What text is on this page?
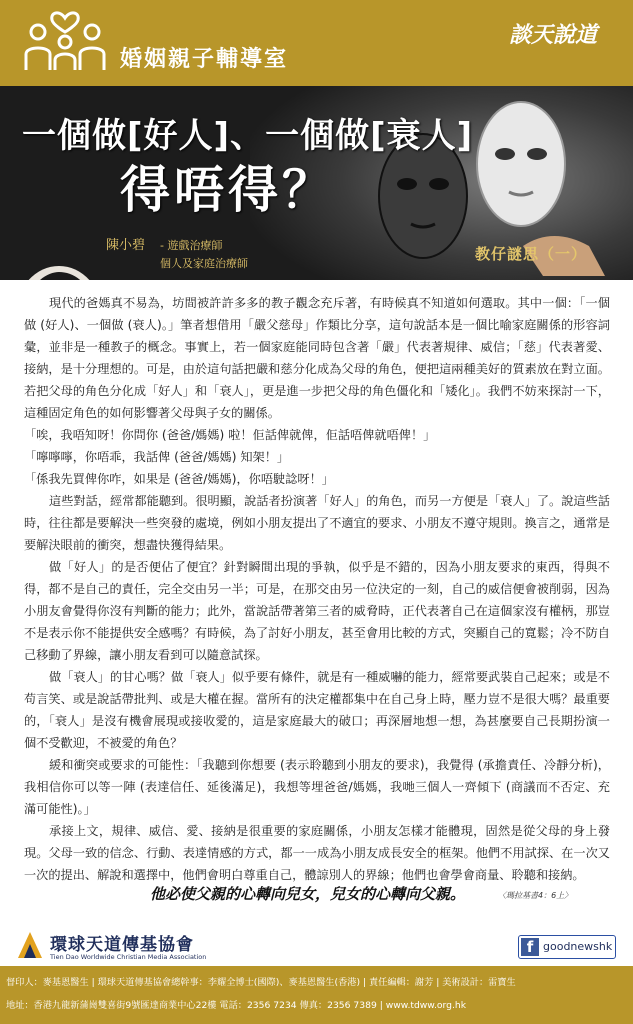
婚姻親子輔導室
談天說道
一個做[好人]、一個做[衰人]
得唔得？
陳小碧 - 遊戲治療師
個人及家庭治療師
教仔謎思（一）

現代的爸媽真不易為，坊間被許許多多的教子觀念充斥著，有時候真不知道如何選取。其中一個：「一個做 (好人)、一個做 (衰人)。」筆者想借用「嚴父慈母」作類比分享，這句說話本是一個比喻家庭關係的形容詞彙，並非是一種教子的概念。事實上，若一個家庭能同時包含著「嚴」代表著規律、威信；「慈」代表著愛、接納，是十分理想的。可是，由於這句話把嚴和慈分化成為父母的角色，便把這兩種美好的質素放在對立面。若把父母的角色分化成「好人」和「衰人」，更是進一步把父母的角色僵化和「矮化」。我們不妨來探討一下，這種固定角色的如何影響著父母與子女的關係。

「唉，我唔知呀！你問你 (爸爸/媽媽) 啦！佢話俾就俾，佢話唔俾就唔俾！」

「嚀嚀嚀，你唔乖，我話俾 (爸爸/媽媽) 知架！」

「係我先買俾你咋，如果是 (爸爸/媽媽)，你唔駛諗呀！」

這些對話，經常都能聽到。很明顯，說話者扮演著「好人」的角色，而另一方便是「衰人」了。說這些話時，往往都是要解決一些突發的處境，例如小朋友提出了不適宜的要求、小朋友不遵守規則。換言之，通常是要解決眼前的衝突，想盡快獲得結果。

做「好人」的是否便佔了便宜？針對瞬間出現的爭執，似乎是不錯的，因為小朋友要求的東西，得與不得，都不是自己的責任，完全交由另一半；可是，在那交由另一位決定的一刻，自己的威信便會被削弱，因為小朋友會覺得你沒有判斷的能力；此外，當說話帶著第三者的威脅時，正代表著自己在這個家沒有權柄，那豈不是表示你不能提供安全感嗎？有時候，為了討好小朋友，甚至會用比較的方式，突顯自己的寬鬆；冷不防自己移動了界線，讓小朋友看到可以隨意試探。

做「衰人」的甘心嗎？做「衰人」似乎要有條件，就是有一種威嚇的能力，經常要武裝自己起來；或是不苟言笑、或是說話帶批判、或是大權在握。當所有的決定權都集中在自己身上時，壓力豈不是很大嗎？最重要的，「衰人」是沒有機會展現或接收愛的，這是家庭最大的破口；再深層地想一想，為甚麼要自己長期扮演一個不受歡迎，不被愛的角色？

緩和衝突或要求的可能性：「我聽到你想要 (表示聆聽到小朋友的要求)，我覺得 (承擔責任、冷靜分析)，我相信你可以等一陣 (表達信任、延後滿足)，我想等埋爸爸/媽媽，我哋三個人一齊傾下 (商議而不否定、充滿可能性)。」

承接上文，規律、威信、愛、接納是很重要的家庭關係，小朋友怎樣才能體現，固然是從父母的身上發現。父母一致的信念、行動、表達情感的方式，都一一成為小朋友成長安全的框架。他們不用試探、在一次又一次的提出、解說和選擇中，他們會明白尊重自己，體諒別人的界線；他們也會學會商量、聆聽和接納。

他必使父親的心轉向兒女，兒女的心轉向父親。	〈瑪拉基書4：6上〉
環球天道傳基協會
Tien Dao Worldwide Christian Media Association
f goodnewshk
督印人：麥基恩醫生 | 環球天道傳基協會總幹事：李耀全博士(國際)、麥基恩醫生(香港) | 責任編輯：謝芳 | 美術設計：雷寶生
地址：香港九龍新蒲崗雙喜街9號匯達商業中心22樓 電話：2356 7234 傳真：2356 7389 | www.tdww.org.hk
